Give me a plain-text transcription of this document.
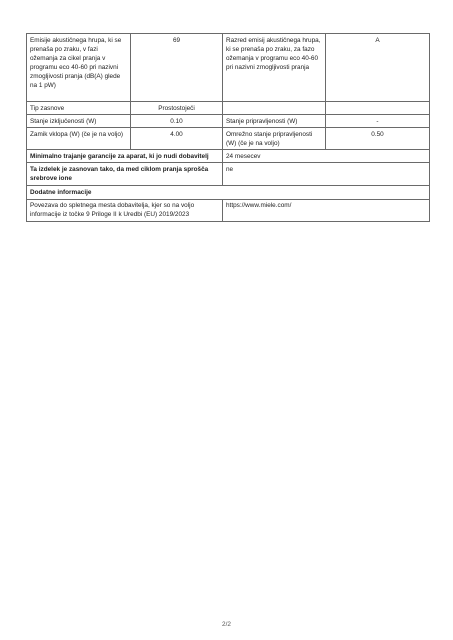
Emisije akustičnega hrupa, ki se prenaša po zraku, v fazi ožemanja za cikel pranja v programu eco 40-60 pri nazivni zmogljivosti pranja (dB(A) glede na 1 pW)	69	Razred emisij akustičnega hrupa, ki se prenaša po zraku, za fazo ožemanja v programu eco 40-60 pri nazivni zmogljivosti pranja	A
Tip zasnove	Prostostoječi		
Stanje izključenosti (W)	0.10	Stanje pripravljenosti (W)	-
Zamik vklopa (W) (če je na voljo)	4.00	Omrežno stanje pripravljenosti (W) (če je na voljo)	0.50
Minimalno trajanje garancije za aparat, ki jo nudi dobavitelj		24 mesecev	
Ta izdelek je zasnovan tako, da med ciklom pranja sprošča srebrove ione		ne	
Dodatne informacije			
Povezava do spletnega mesta dobavitelja, kjer so na voljo informacije iz točke 9 Priloge II k Uredbi (EU) 2019/2023		https://www.miele.com/	
2/2
